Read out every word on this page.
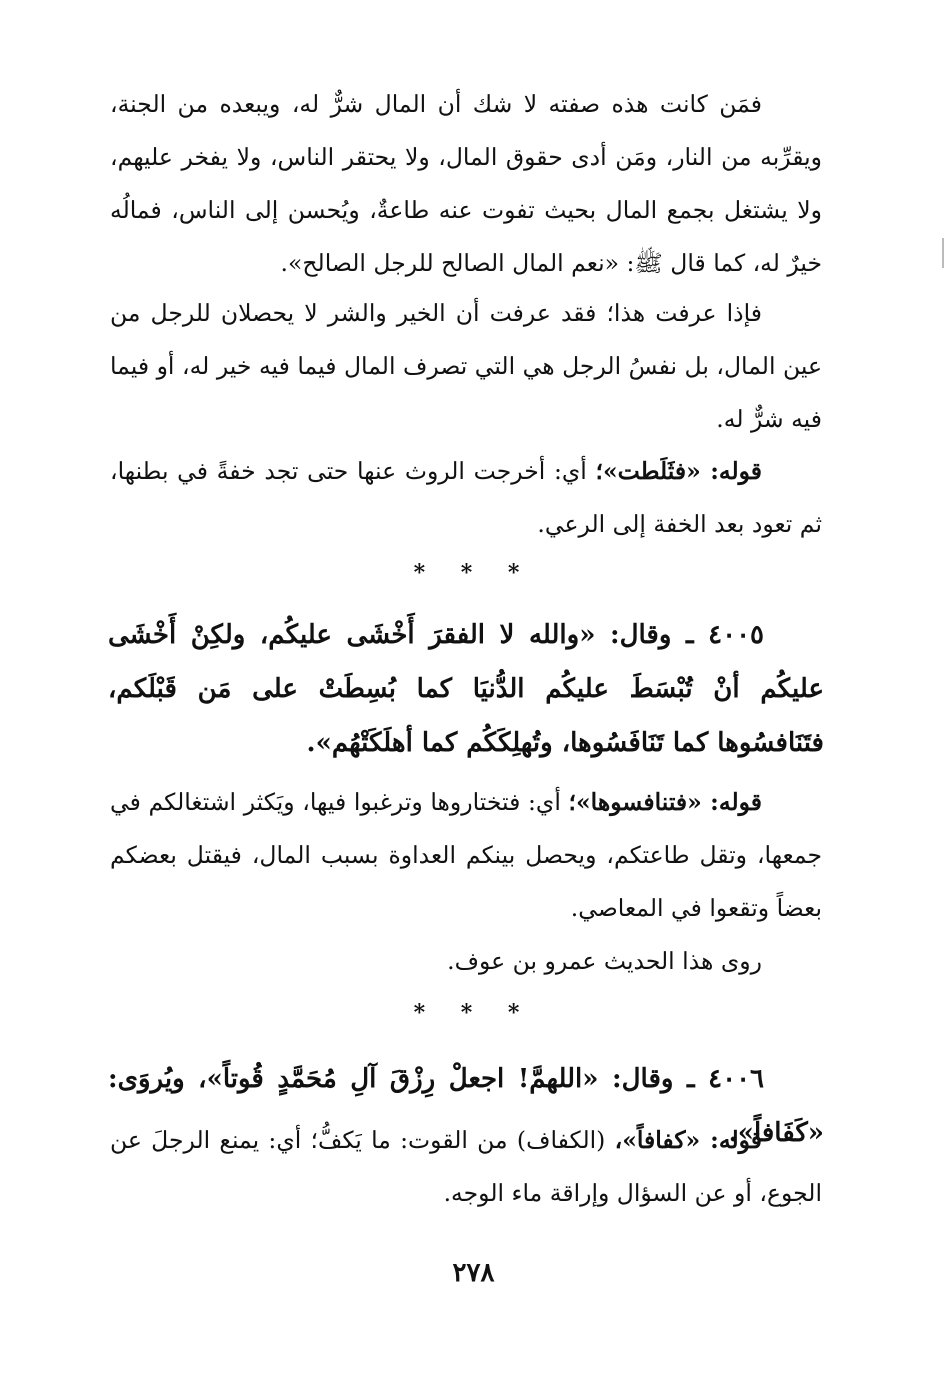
فمَن كانت هذه صفته لا شك أن المال شرٌّ له، ويبعده من الجنة، ويقرِّبه من النار، ومَن أدى حقوق المال، ولا يحتقر الناس، ولا يفخر عليهم، ولا يشتغل بجمع المال بحيث تفوت عنه طاعةٌ، ويُحسن إلى الناس، فمالُه خيرٌ له، كما قال ﷺ: «نعم المال الصالح للرجل الصالح».

فإذا عرفت هذا؛ فقد عرفت أن الخير والشر لا يحصلان للرجل من عين المال، بل نفسُ الرجل هي التي تصرف المال فيما فيه خير له، أو فيما فيه شرٌّ له.

قوله: «فثَلَطت»؛ أي: أخرجت الروث عنها حتى تجد خفةً في بطنها، ثم تعود بعد الخفة إلى الرعي.

* * *

٤٠٠٥ ـ وقال: «والله لا الفقرَ أَخْشَى عليكُم، ولكِنْ أَخْشَى عليكُم أنْ تُبْسَطَ عليكُم الدُّنيَا كما بُسِطَتْ على مَن قَبْلَكم، فتَنَافسُوها كما تَنَافَسُوها، وتُهلِكَكُم كما أهلَكَتْهُم».

قوله: «فتنافسوها»؛ أي: فتختاروها وترغبوا فيها، ويَكثر اشتغالكم في جمعها، وتقل طاعتكم، ويحصل بينكم العداوة بسبب المال، فيقتل بعضكم بعضاً وتقعوا في المعاصي.

روى هذا الحديث عمرو بن عوف.

* * *

٤٠٠٦ ـ وقال: «اللهمَّ! اجعلْ رِزْقَ آلِ مُحَمَّدٍ قُوتاً»، ويُروَى: «كَفَافاً».

قوله: «كفافاً»، (الكفاف) من القوت: ما يَكفُّ؛ أي: يمنع الرجلَ عن الجوع، أو عن السؤال وإراقة ماء الوجه.

٢٧٨
